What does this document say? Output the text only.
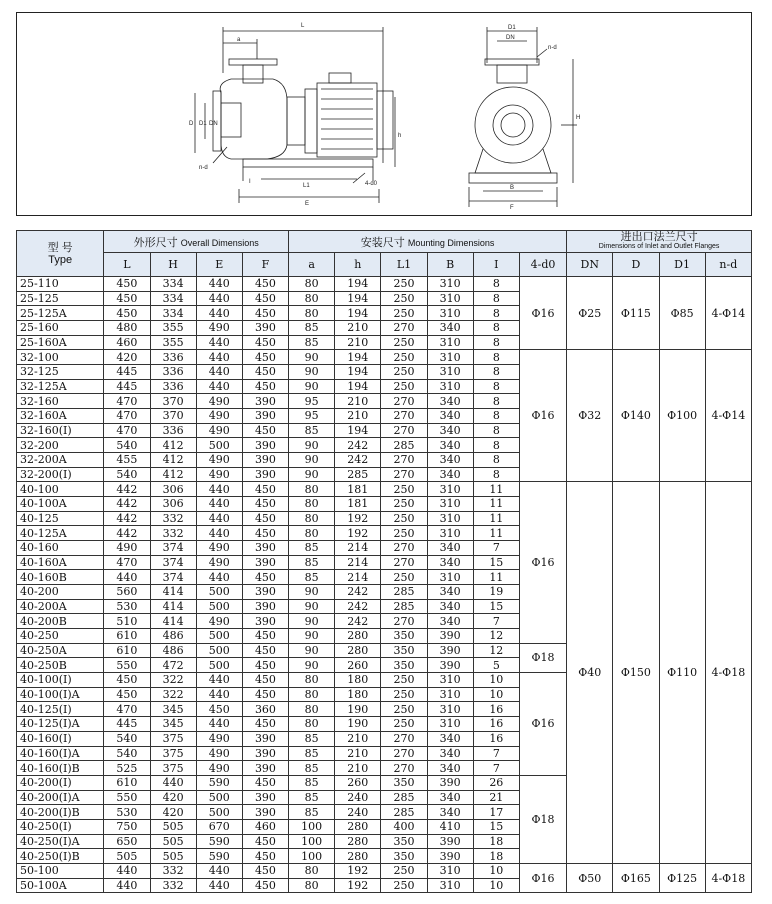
L
a
D D1 DN
n-d
h
I
L1	4-d0
E
D1
DN
n-d
H
B
F
型 号
Type	外形尺寸 Overall Dimensions				安装尺寸 Mounting Dimensions						进出口法兰尺寸
Dimensions of Inlet and Outlet Flanges			

	L	H	E	F	a	h	L1	B	I	4-d0	DN	D	D1	n-d
25-110	450	334	440	450	80	194	250	310	8	Φ16	Φ25	Φ115	Φ85	4-Φ14
25-125	450	334	440	450	80	194	250	310	8					
25-125A	450	334	440	450	80	194	250	310	8					
25-160	480	355	490	390	85	210	270	340	8					
25-160A	460	355	440	450	85	210	250	310	8					
32-100	420	336	440	450	90	194	250	310	8	Φ16	Φ32	Φ140	Φ100	4-Φ14
32-125	445	336	440	450	90	194	250	310	8					
32-125A	445	336	440	450	90	194	250	310	8					
32-160	470	370	490	390	95	210	270	340	8					
32-160A	470	370	490	390	95	210	270	340	8					
32-160(I)	470	336	490	450	85	194	270	340	8					
32-200	540	412	500	390	90	242	285	340	8					
32-200A	455	412	490	390	90	242	270	340	8					
32-200(I)	540	412	490	390	90	285	270	340	8					
40-100	442	306	440	450	80	181	250	310	11	Φ16	Φ40	Φ150	Φ110	4-Φ18
40-100A	442	306	440	450	80	181	250	310	11					
40-125	442	332	440	450	80	192	250	310	11					
40-125A	442	332	440	450	80	192	250	310	11					
40-160	490	374	490	390	85	214	270	340	7					
40-160A	470	374	490	390	85	214	270	340	15					
40-160B	440	374	440	450	85	214	250	310	11					
40-200	560	414	500	390	90	242	285	340	19					
40-200A	530	414	500	390	90	242	285	340	15					
40-200B	510	414	490	390	90	242	270	340	7					
40-250	610	486	500	450	90	280	350	390	12					
40-250A	610	486	500	450	90	280	350	390	12	Φ18				
40-250B	550	472	500	450	90	260	350	390	5					
40-100(I)	450	322	440	450	80	180	250	310	10	Φ16				
40-100(I)A	450	322	440	450	80	180	250	310	10					
40-125(I)	470	345	450	360	80	190	250	310	16					
40-125(I)A	445	345	440	450	80	190	250	310	16					
40-160(I)	540	375	490	390	85	210	270	340	16					
40-160(I)A	540	375	490	390	85	210	270	340	7					
40-160(I)B	525	375	490	390	85	210	270	340	7					
40-200(I)	610	440	590	450	85	260	350	390	26	Φ18				
40-200(I)A	550	420	500	390	85	240	285	340	21					
40-200(I)B	530	420	500	390	85	240	285	340	17					
40-250(I)	750	505	670	460	100	280	400	410	15					
40-250(I)A	650	505	590	450	100	280	350	390	18					
40-250(I)B	505	505	590	450	100	280	350	390	18					
50-100	440	332	440	450	80	192	250	310	10	Φ16	Φ50	Φ165	Φ125	4-Φ18
50-100A	440	332	440	450	80	192	250	310	10					
